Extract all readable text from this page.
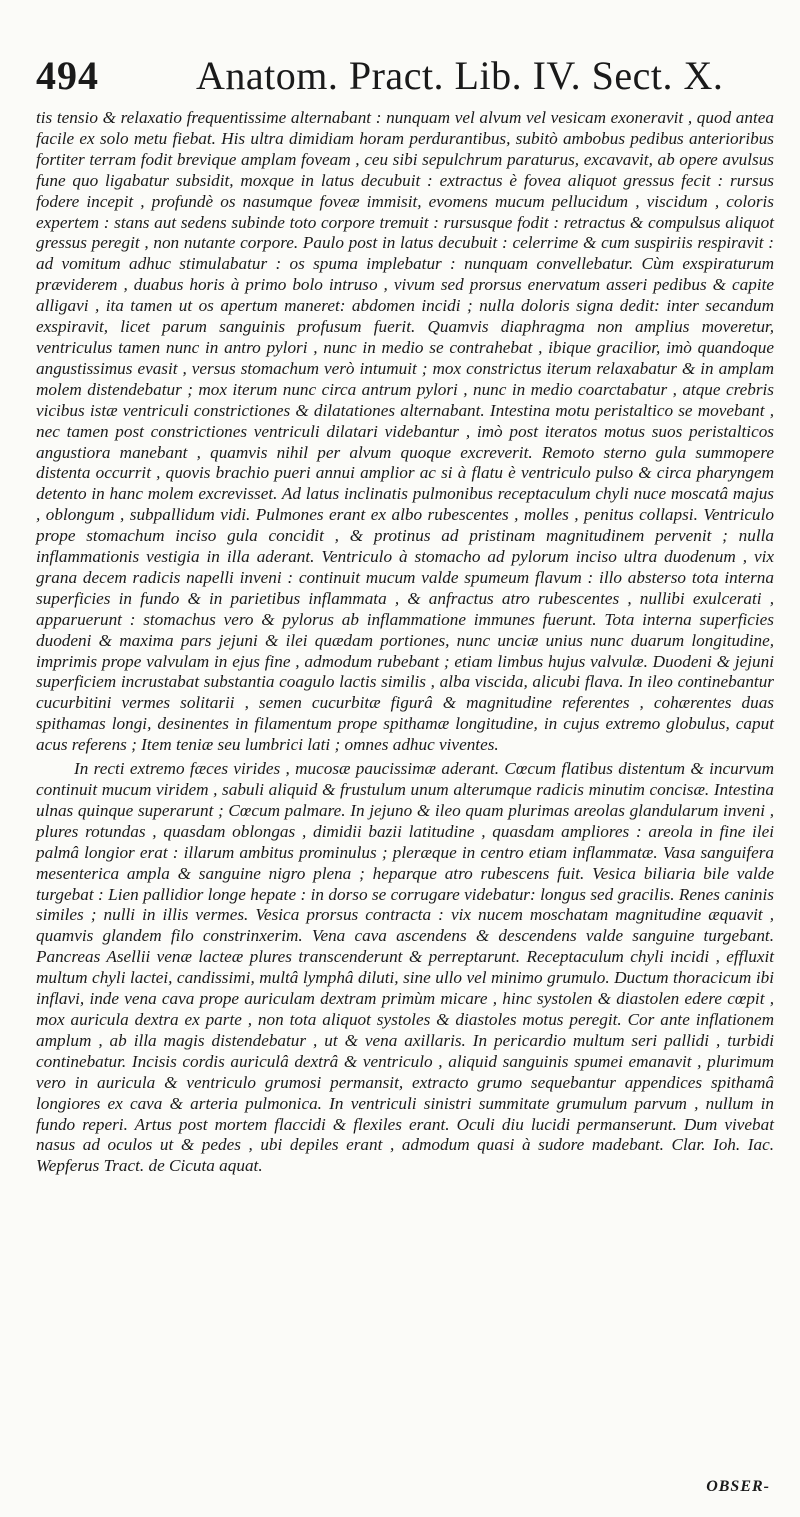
494	Anatom. Pract. Lib. IV. Sect. X.

tis tensio & relaxatio frequentissime alternabant : nunquam vel alvum vel vesicam exoneravit , quod antea facile ex solo metu fiebat. His ultra dimidiam horam perdurantibus, subitò ambobus pedibus anterioribus fortiter terram fodit brevique amplam foveam , ceu sibi sepulchrum paraturus, excavavit, ab opere avulsus fune quo ligabatur subsidit, moxque in latus decubuit : extractus è fovea aliquot gressus fecit : rursus fodere incepit , profundè os nasumque foveæ immisit, evomens mucum pellucidum , viscidum , coloris expertem : stans aut sedens subinde toto corpore tremuit : rursusque fodit : retractus & compulsus aliquot gressus peregit , non nutante corpore. Paulo post in latus decubuit : celerrime & cum suspiriis respiravit : ad vomitum adhuc stimulabatur : os spuma implebatur : nunquam convellebatur. Cùm exspiraturum præviderem , duabus horis à primo bolo intruso , vivum sed prorsus enervatum asseri pedibus & capite alligavi , ita tamen ut os apertum maneret: abdomen incidi ; nulla doloris signa dedit: inter secandum exspiravit, licet parum sanguinis profusum fuerit. Quamvis diaphragma non amplius moveretur, ventriculus tamen nunc in antro pylori , nunc in medio se contrahebat , ibique gracilior, imò quandoque angustissimus evasit , versus stomachum verò intumuit ; mox constrictus iterum relaxabatur & in amplam molem distendebatur ; mox iterum nunc circa antrum pylori , nunc in medio coarctabatur , atque crebris vicibus istæ ventriculi constrictiones & dilatationes alternabant. Intestina motu peristaltico se movebant , nec tamen post constrictiones ventriculi dilatari videbantur , imò post iteratos motus suos peristalticos angustiora manebant , quamvis nihil per alvum quoque excreverit. Remoto sterno gula summopere distenta occurrit , quovis brachio pueri annui amplior ac si à flatu è ventriculo pulso & circa pharyngem detento in hanc molem excrevisset. Ad latus inclinatis pulmonibus receptaculum chyli nuce moscatâ majus , oblongum , subpallidum vidi. Pulmones erant ex albo rubescentes , molles , penitus collapsi. Ventriculo prope stomachum inciso gula concidit , & protinus ad pristinam magnitudinem pervenit ; nulla inflammationis vestigia in illa aderant. Ventriculo à stomacho ad pylorum inciso ultra duodenum , vix grana decem radicis napelli inveni : continuit mucum valde spumeum flavum : illo absterso tota interna superficies in fundo & in parietibus inflammata , & anfractus atro rubescentes , nullibi exulcerati , apparuerunt : stomachus vero & pylorus ab inflammatione immunes fuerunt. Tota interna superficies duodeni & maxima pars jejuni & ilei quædam portiones, nunc unciæ unius nunc duarum longitudine, imprimis prope valvulam in ejus fine , admodum rubebant ; etiam limbus hujus valvulæ. Duodeni & jejuni superficiem incrustabat substantia coagulo lactis similis , alba viscida, alicubi flava. In ileo continebantur cucurbitini vermes solitarii , semen cucurbitæ figurâ & magnitudine referentes , cohærentes duas spithamas longi, desinentes in filamentum prope spithamæ longitudine, in cujus extremo globulus, caput acus referens ; Item teniæ seu lumbrici lati ; omnes adhuc viventes.

In recti extremo fæces virides , mucosæ paucissimæ aderant. Cœcum flatibus distentum & incurvum continuit mucum viridem , sabuli aliquid & frustulum unum alterumque radicis minutim concisæ. Intestina ulnas quinque superarunt ; Cœcum palmare. In jejuno & ileo quam plurimas areolas glandularum inveni , plures rotundas , quasdam oblongas , dimidii bazii latitudine , quasdam ampliores : areola in fine ilei palmâ longior erat : illarum ambitus prominulus ; pleræque in centro etiam inflammatæ. Vasa sanguifera mesenterica ampla & sanguine nigro plena ; heparque atro rubescens fuit. Vesica biliaria bile valde turgebat : Lien pallidior longe hepate : in dorso se corrugare videbatur: longus sed gracilis. Renes caninis similes ; nulli in illis vermes. Vesica prorsus contracta : vix nucem moschatam magnitudine æquavit , quamvis glandem filo constrinxerim. Vena cava ascendens & descendens valde sanguine turgebant. Pancreas Asellii venæ lacteæ plures transcenderunt & perreptarunt. Receptaculum chyli incidi , effluxit multum chyli lactei, candissimi, multâ lymphâ diluti, sine ullo vel minimo grumulo. Ductum thoracicum ibi inflavi, inde vena cava prope auriculam dextram primùm micare , hinc systolen & diastolen edere cœpit , mox auricula dextra ex parte , non tota aliquot systoles & diastoles motus peregit. Cor ante inflationem amplum , ab illa magis distendebatur , ut & vena axillaris. In pericardio multum seri pallidi , turbidi continebatur. Incisis cordis auriculâ dextrâ & ventriculo , aliquid sanguinis spumei emanavit , plurimum vero in auricula & ventriculo grumosi permansit, extracto grumo sequebantur appendices spithamâ longiores ex cava & arteria pulmonica. In ventriculi sinistri summitate grumulum parvum , nullum in fundo reperi. Artus post mortem flaccidi & flexiles erant. Oculi diu lucidi permanserunt. Dum vivebat nasus ad oculos ut & pedes , ubi depiles erant , admodum quasi à sudore madebant. Clar. Ioh. Iac. Wepferus Tract. de Cicuta aquat.

OBSER-
